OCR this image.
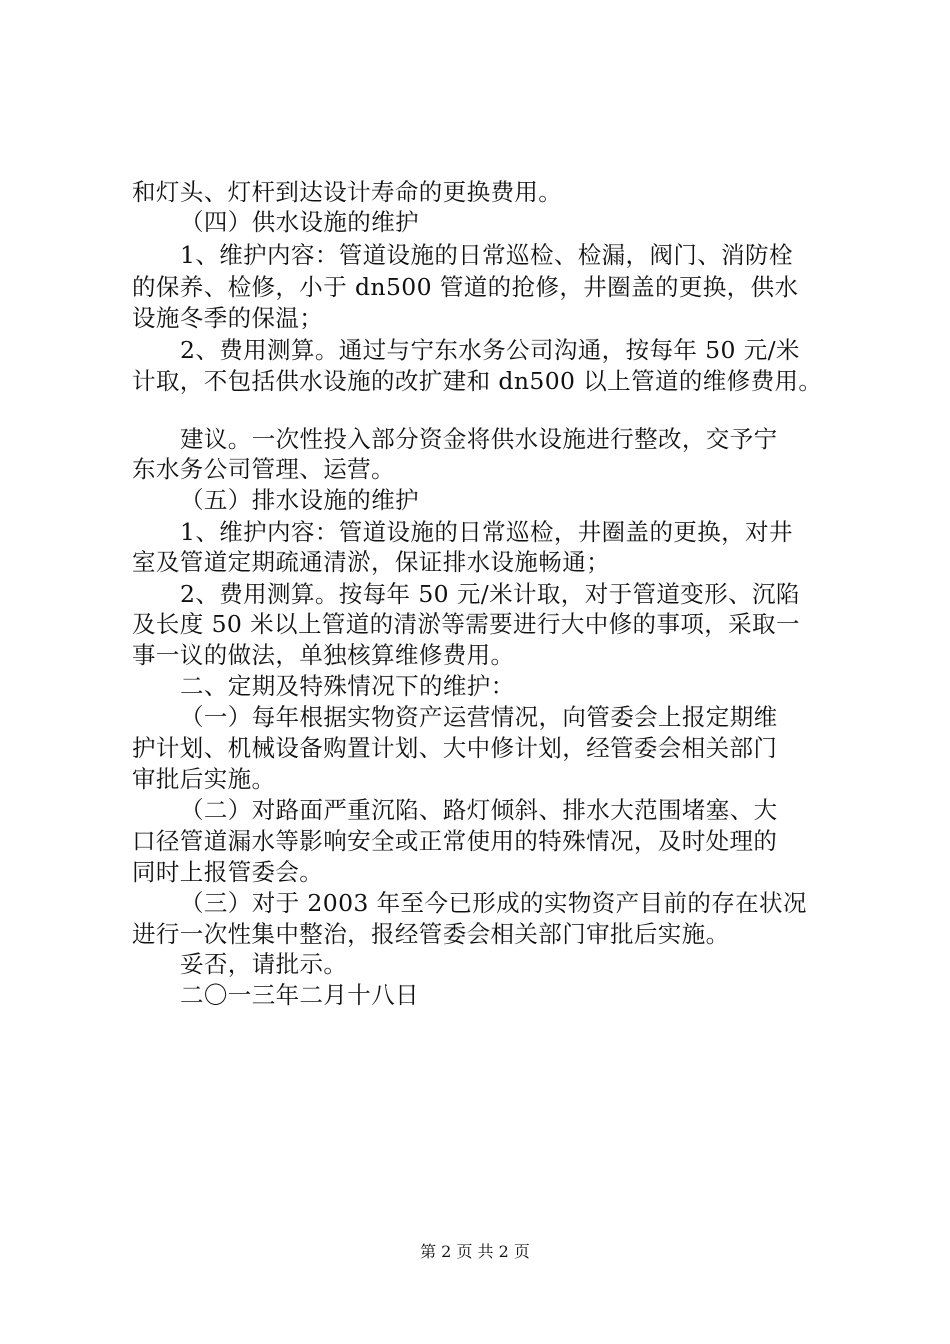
和灯头、灯杆到达设计寿命的更换费用。
（四）供水设施的维护
1、维护内容：管道设施的日常巡检、检漏，阀门、消防栓
的保养、检修，小于 dn500 管道的抢修，井圈盖的更换，供水
设施冬季的保温；
2、费用测算。通过与宁东水务公司沟通，按每年 50 元/米
计取，不包括供水设施的改扩建和 dn500 以上管道的维修费用。
建议。一次性投入部分资金将供水设施进行整改，交予宁
东水务公司管理、运营。
（五）排水设施的维护
1、维护内容：管道设施的日常巡检，井圈盖的更换，对井
室及管道定期疏通清淤，保证排水设施畅通；
2、费用测算。按每年 50 元/米计取，对于管道变形、沉陷
及长度 50 米以上管道的清淤等需要进行大中修的事项，采取一
事一议的做法，单独核算维修费用。
二、定期及特殊情况下的维护：
（一）每年根据实物资产运营情况，向管委会上报定期维
护计划、机械设备购置计划、大中修计划，经管委会相关部门
审批后实施。
（二）对路面严重沉陷、路灯倾斜、排水大范围堵塞、大
口径管道漏水等影响安全或正常使用的特殊情况，及时处理的
同时上报管委会。
（三）对于 2003 年至今已形成的实物资产目前的存在状况
进行一次性集中整治，报经管委会相关部门审批后实施。
妥否，请批示。
二〇一三年二月十八日
第 2 页 共 2 页
